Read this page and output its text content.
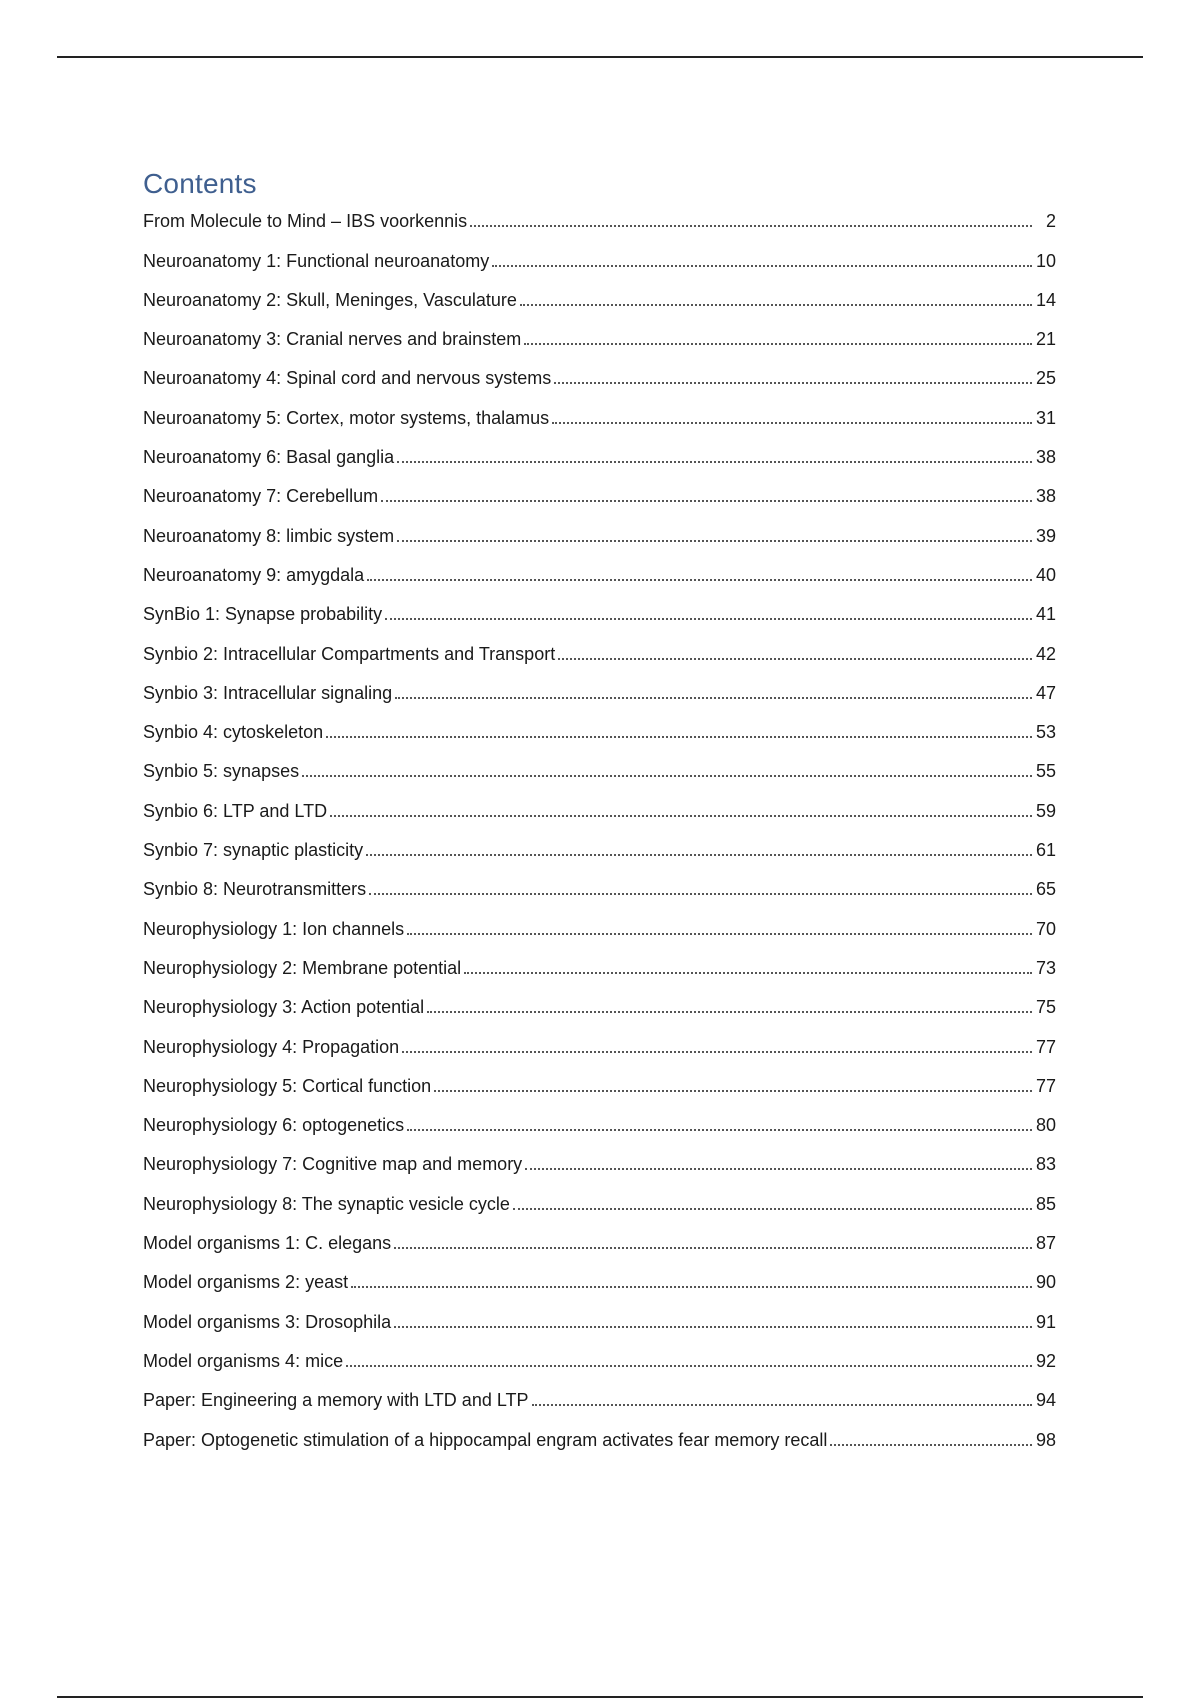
Contents
From Molecule to Mind – IBS voorkennis	2
Neuroanatomy 1: Functional neuroanatomy	10
Neuroanatomy 2: Skull, Meninges, Vasculature	14
Neuroanatomy 3: Cranial nerves and brainstem	21
Neuroanatomy 4: Spinal cord and nervous systems	25
Neuroanatomy 5: Cortex, motor systems, thalamus	31
Neuroanatomy 6: Basal ganglia	38
Neuroanatomy 7: Cerebellum	38
Neuroanatomy 8: limbic system	39
Neuroanatomy 9: amygdala	40
SynBio 1: Synapse probability	41
Synbio 2: Intracellular Compartments and Transport	42
Synbio 3: Intracellular signaling	47
Synbio 4: cytoskeleton	53
Synbio 5: synapses	55
Synbio 6: LTP and LTD	59
Synbio 7: synaptic plasticity	61
Synbio 8: Neurotransmitters	65
Neurophysiology 1: Ion channels	70
Neurophysiology 2: Membrane potential	73
Neurophysiology 3: Action potential	75
Neurophysiology 4: Propagation	77
Neurophysiology 5: Cortical function	77
Neurophysiology 6: optogenetics	80
Neurophysiology 7: Cognitive map and memory	83
Neurophysiology 8: The synaptic vesicle cycle	85
Model organisms 1: C. elegans	87
Model organisms 2: yeast	90
Model organisms 3: Drosophila	91
Model organisms 4: mice	92
Paper: Engineering a memory with LTD and LTP	94
Paper: Optogenetic stimulation of a hippocampal engram activates fear memory recall	98
